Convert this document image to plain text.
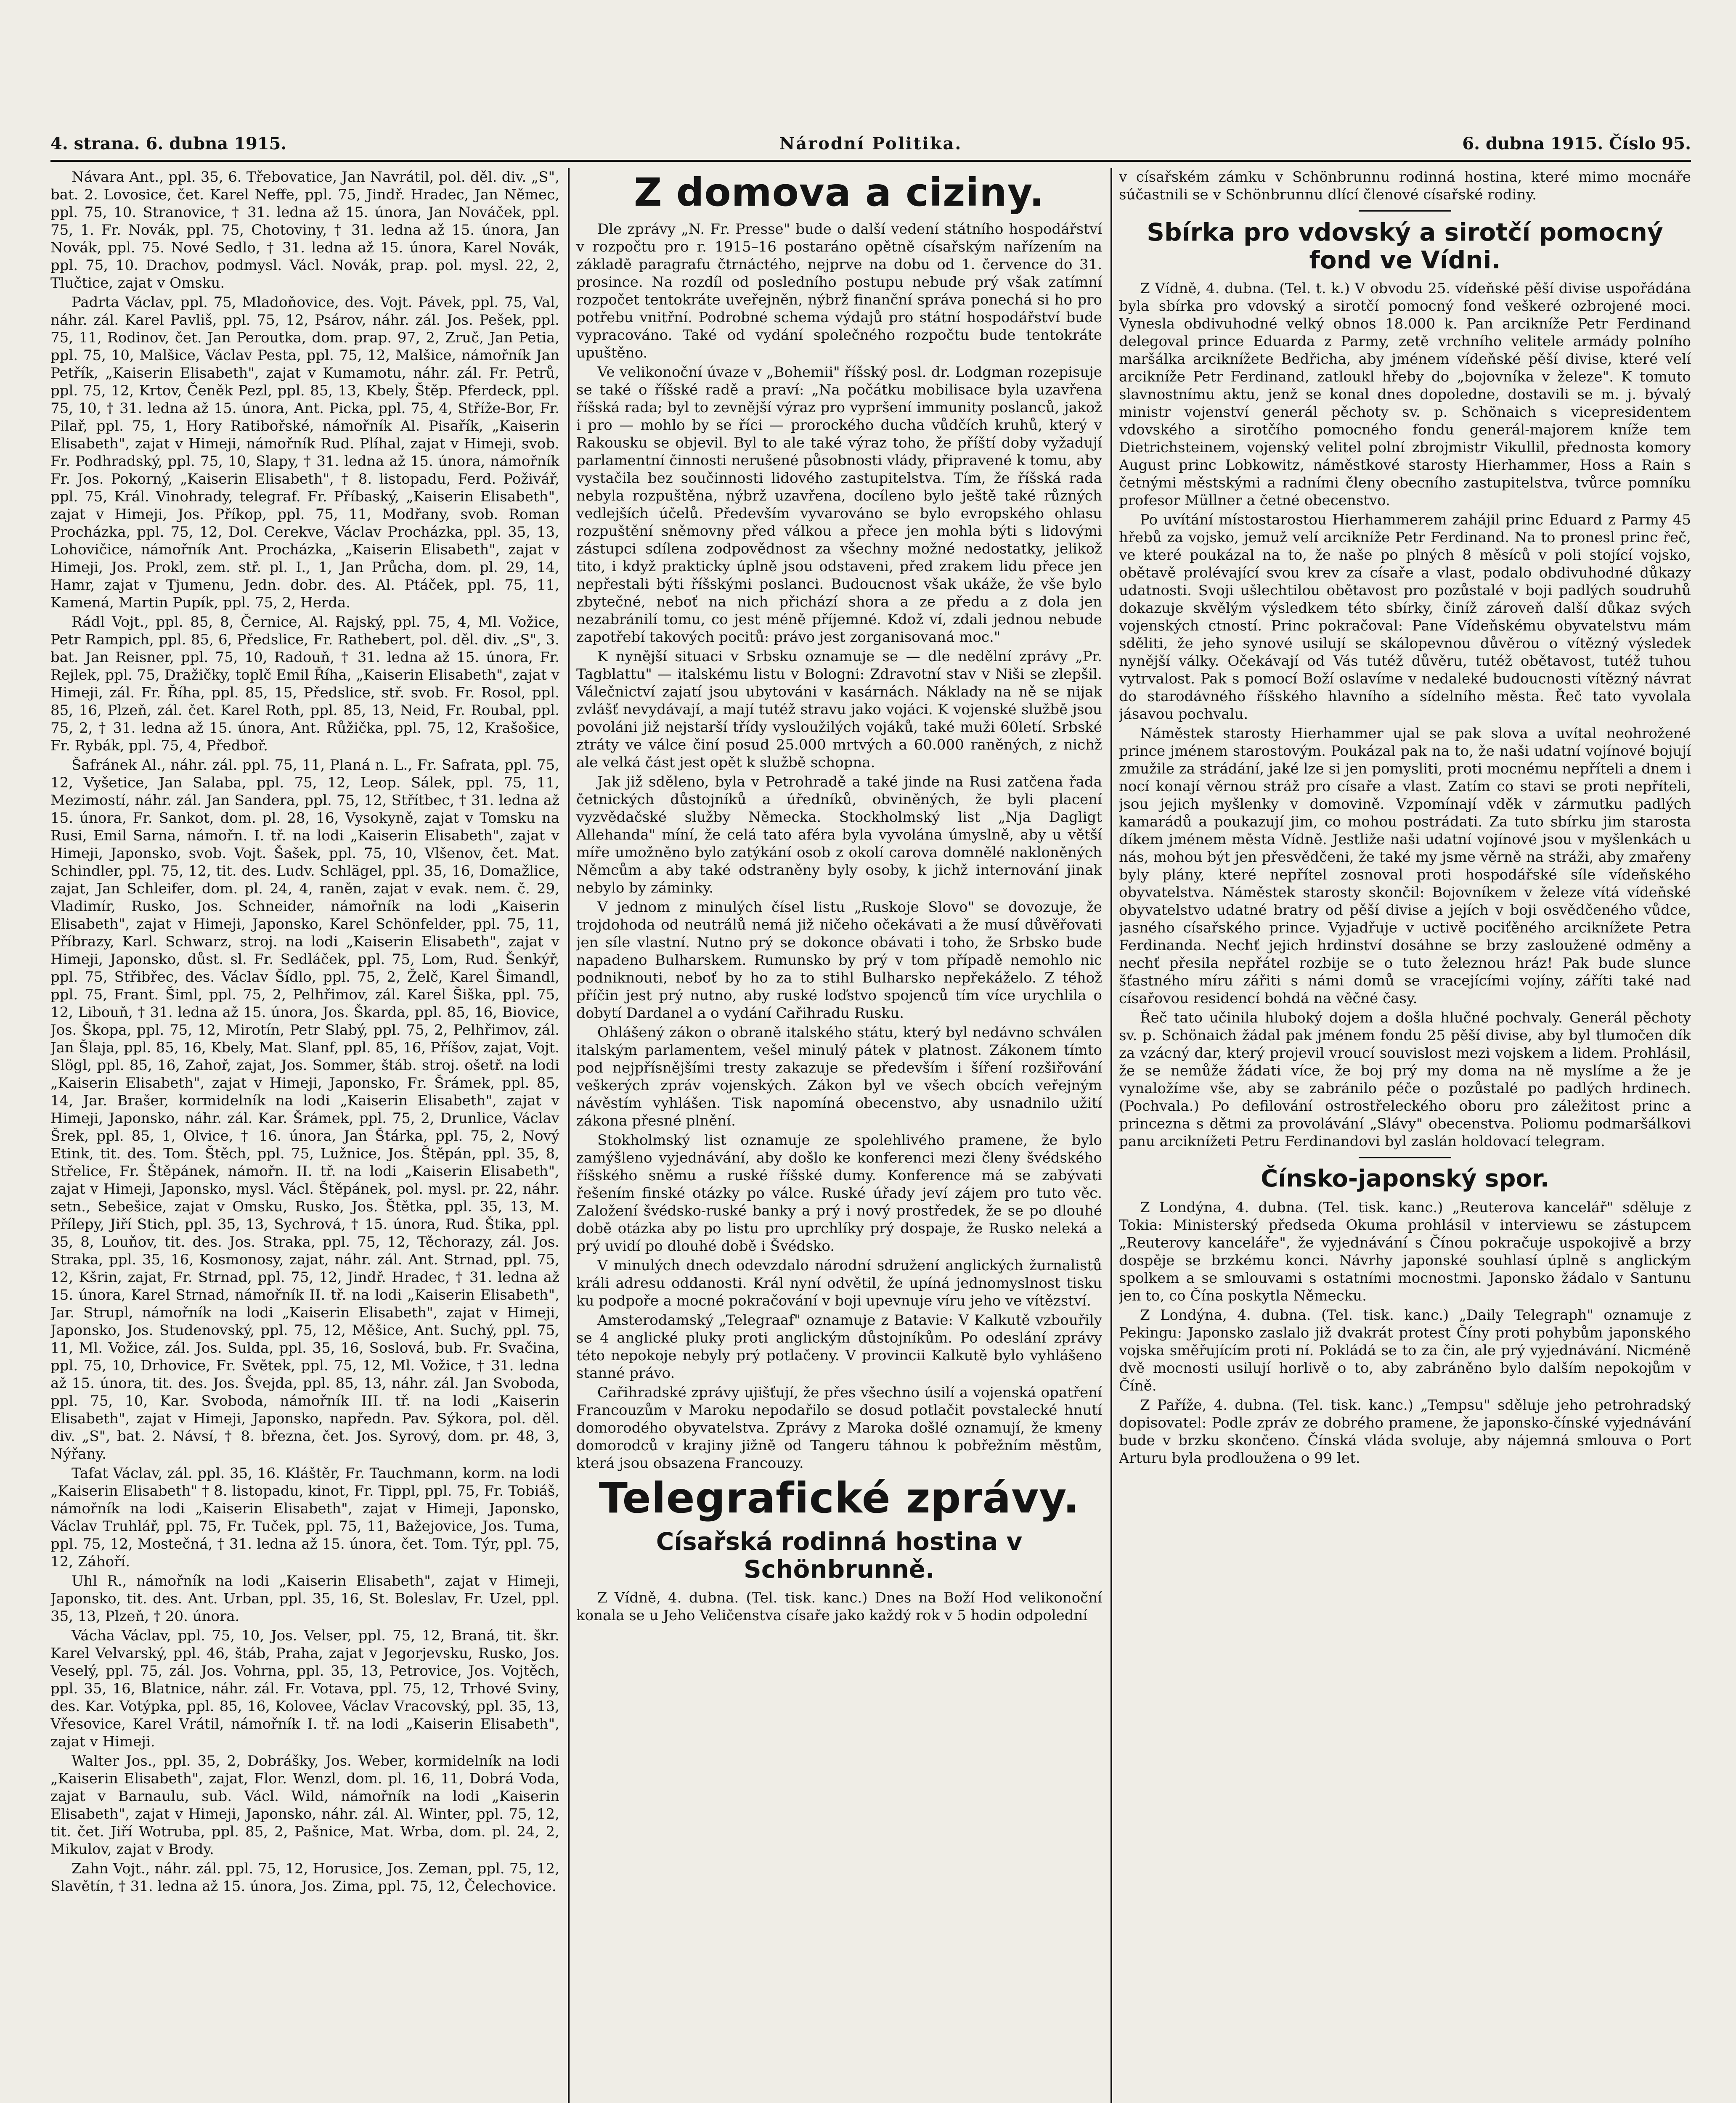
4. strana. 6. dubna 1915.	Národní Politika.	6. dubna 1915. Číslo 95.

Návara Ant., ppl. 35, 6. Třebovatice, Jan Navrátil, pol. děl. div. „S", bat. 2. Lovosice, čet. Karel Neffe, ppl. 75, Jindř. Hradec, Jan Němec, ppl. 75, 10. Stranovice, † 31. ledna až 15. února, Jan Nováček, ppl. 75, 1. Fr. Novák, ppl. 75, Chotoviny, † 31. ledna až 15. února, Jan Novák, ppl. 75. Nové Sedlo, † 31. ledna až 15. února, Karel Novák, ppl. 75, 10. Drachov, podmysl. Václ. Novák, prap. pol. mysl. 22, 2, Tlučtice, zajat v Omsku.

Padrta Václav, ppl. 75, Mladoňovice, des. Vojt. Pávek, ppl. 75, Val, náhr. zál. Karel Pavliš, ppl. 75, 12, Psárov, náhr. zál. Jos. Pešek, ppl. 75, 11, Rodinov, čet. Jan Peroutka, dom. prap. 97, 2, Zruč, Jan Petia, ppl. 75, 10, Malšice, Václav Pesta, ppl. 75, 12, Malšice, námořník Jan Petřík, „Kaiserin Elisabeth", zajat v Kumamotu, náhr. zál. Fr. Petrů, ppl. 75, 12, Krtov, Čeněk Pezl, ppl. 85, 13, Kbely, Štěp. Pferdeck, ppl. 75, 10, † 31. ledna až 15. února, Ant. Picka, ppl. 75, 4, Stříže-Bor, Fr. Pilař, ppl. 75, 1, Hory Ratibořské, námořník Al. Pisařík, „Kaiserin Elisabeth", zajat v Himeji, námořník Rud. Plíhal, zajat v Himeji, svob. Fr. Podhradský, ppl. 75, 10, Slapy, † 31. ledna až 15. února, námořník Fr. Jos. Pokorný, „Kaiserin Elisabeth", † 8. listopadu, Ferd. Poživář, ppl. 75, Král. Vinohrady, telegraf. Fr. Příbaský, „Kaiserin Elisabeth", zajat v Himeji, Jos. Příkop, ppl. 75, 11, Modřany, svob. Roman Procházka, ppl. 75, 12, Dol. Cerekve, Václav Procházka, ppl. 35, 13, Lohovičice, námořník Ant. Procházka, „Kaiserin Elisabeth", zajat v Himeji, Jos. Prokl, zem. stř. pl. I., 1, Jan Průcha, dom. pl. 29, 14, Hamr, zajat v Tjumenu, Jedn. dobr. des. Al. Ptáček, ppl. 75, 11, Kamená, Martin Pupík, ppl. 75, 2, Herda.

Rádl Vojt., ppl. 85, 8, Černice, Al. Rajský, ppl. 75, 4, Ml. Vožice, Petr Rampich, ppl. 85, 6, Předslice, Fr. Rathebert, pol. děl. div. „S", 3. bat. Jan Reisner, ppl. 75, 10, Radouň, † 31. ledna až 15. února, Fr. Rejlek, ppl. 75, Dražičky, toplč Emil Říha, „Kaiserin Elisabeth", zajat v Himeji, zál. Fr. Říha, ppl. 85, 15, Předslice, stř. svob. Fr. Rosol, ppl. 85, 16, Plzeň, zál. čet. Karel Roth, ppl. 85, 13, Neid, Fr. Roubal, ppl. 75, 2, † 31. ledna až 15. února, Ant. Růžička, ppl. 75, 12, Krašošice, Fr. Rybák, ppl. 75, 4, Předboř.

Šafránek Al., náhr. zál. ppl. 75, 11, Planá n. L., Fr. Safrata, ppl. 75, 12, Vyšetice, Jan Salaba, ppl. 75, 12, Leop. Sálek, ppl. 75, 11, Mezimostí, náhr. zál. Jan Sandera, ppl. 75, 12, Střítbec, † 31. ledna až 15. února, Fr. Sankot, dom. pl. 28, 16, Vysokyně, zajat v Tomsku na Rusi, Emil Sarna, námořn. I. tř. na lodi „Kaiserin Elisabeth", zajat v Himeji, Japonsko, svob. Vojt. Šašek, ppl. 75, 10, Vlšenov, čet. Mat. Schindler, ppl. 75, 12, tit. des. Ludv. Schlägel, ppl. 35, 16, Domažlice, zajat, Jan Schleifer, dom. pl. 24, 4, raněn, zajat v evak. nem. č. 29, Vladimír, Rusko, Jos. Schneider, námořník na lodi „Kaiserin Elisabeth", zajat v Himeji, Japonsko, Karel Schönfelder, ppl. 75, 11, Příbrazy, Karl. Schwarz, stroj. na lodi „Kaiserin Elisabeth", zajat v Himeji, Japonsko, důst. sl. Fr. Sedláček, ppl. 75, Lom, Rud. Šenkýř, ppl. 75, Střibřec, des. Václav Šídlo, ppl. 75, 2, Želč, Karel Šimandl, ppl. 75, Frant. Šiml, ppl. 75, 2, Pelhřimov, zál. Karel Šiška, ppl. 75, 12, Libouň, † 31. ledna až 15. února, Jos. Škarda, ppl. 85, 16, Biovice, Jos. Škopa, ppl. 75, 12, Mirotín, Petr Slabý, ppl. 75, 2, Pelhřimov, zál. Jan Šlaja, ppl. 85, 16, Kbely, Mat. Slanf, ppl. 85, 16, Příšov, zajat, Vojt. Slögl, ppl. 85, 16, Zahoř, zajat, Jos. Sommer, štáb. stroj. ošetř. na lodi „Kaiserin Elisabeth", zajat v Himeji, Japonsko, Fr. Šrámek, ppl. 85, 14, Jar. Brašer, kormidelník na lodi „Kaiserin Elisabeth", zajat v Himeji, Japonsko, náhr. zál. Kar. Šrámek, ppl. 75, 2, Drunlice, Václav Šrek, ppl. 85, 1, Olvice, † 16. února, Jan Štárka, ppl. 75, 2, Nový Etink, tit. des. Tom. Štěch, ppl. 75, Lužnice, Jos. Štěpán, ppl. 35, 8, Střelice, Fr. Štěpánek, námořn. II. tř. na lodi „Kaiserin Elisabeth", zajat v Himeji, Japonsko, mysl. Václ. Štěpánek, pol. mysl. pr. 22, náhr. setn., Sebešice, zajat v Omsku, Rusko, Jos. Štětka, ppl. 35, 13, M. Přílepy, Jiří Stich, ppl. 35, 13, Sychrová, † 15. února, Rud. Štika, ppl. 35, 8, Louňov, tit. des. Jos. Straka, ppl. 75, 12, Těchorazy, zál. Jos. Straka, ppl. 35, 16, Kosmonosy, zajat, náhr. zál. Ant. Strnad, ppl. 75, 12, Kšrin, zajat, Fr. Strnad, ppl. 75, 12, Jindř. Hradec, † 31. ledna až 15. února, Karel Strnad, námořník II. tř. na lodi „Kaiserin Elisabeth", Jar. Strupl, námořník na lodi „Kaiserin Elisabeth", zajat v Himeji, Japonsko, Jos. Studenovský, ppl. 75, 12, Měšice, Ant. Suchý, ppl. 75, 11, Ml. Vožice, zál. Jos. Sulda, ppl. 35, 16, Soslová, bub. Fr. Svačina, ppl. 75, 10, Drhovice, Fr. Světek, ppl. 75, 12, Ml. Vožice, † 31. ledna až 15. února, tit. des. Jos. Švejda, ppl. 85, 13, náhr. zál. Jan Svoboda, ppl. 75, 10, Kar. Svoboda, námořník III. tř. na lodi „Kaiserin Elisabeth", zajat v Himeji, Japonsko, napředn. Pav. Sýkora, pol. děl. div. „S", bat. 2. Návsí, † 8. března, čet. Jos. Syrový, dom. pr. 48, 3, Nýřany.

Tafat Václav, zál. ppl. 35, 16. Kláštěr, Fr. Tauchmann, korm. na lodi „Kaiserin Elisabeth" † 8. listopadu, kinot, Fr. Tippl, ppl. 75, Fr. Tobiáš, námořník na lodi „Kaiserin Elisabeth", zajat v Himeji, Japonsko, Václav Truhlář, ppl. 75, Fr. Tuček, ppl. 75, 11, Bažejovice, Jos. Tuma, ppl. 75, 12, Mostečná, † 31. ledna až 15. února, čet. Tom. Týr, ppl. 75, 12, Záhoří.

Uhl R., námořník na lodi „Kaiserin Elisabeth", zajat v Himeji, Japonsko, tit. des. Ant. Urban, ppl. 35, 16, St. Boleslav, Fr. Uzel, ppl. 35, 13, Plzeň, † 20. února.

Vácha Václav, ppl. 75, 10, Jos. Velser, ppl. 75, 12, Braná, tit. škr. Karel Velvarský, ppl. 46, štáb, Praha, zajat v Jegorjevsku, Rusko, Jos. Veselý, ppl. 75, zál. Jos. Vohrna, ppl. 35, 13, Petrovice, Jos. Vojtěch, ppl. 35, 16, Blatnice, náhr. zál. Fr. Votava, ppl. 75, 12, Trhové Sviny, des. Kar. Votýpka, ppl. 85, 16, Kolovee, Václav Vracovský, ppl. 35, 13, Vřesovice, Karel Vrátil, námořník I. tř. na lodi „Kaiserin Elisabeth", zajat v Himeji.

Walter Jos., ppl. 35, 2, Dobrášky, Jos. Weber, kormidelník na lodi „Kaiserin Elisabeth", zajat, Flor. Wenzl, dom. pl. 16, 11, Dobrá Voda, zajat v Barnaulu, sub. Václ. Wild, námořník na lodi „Kaiserin Elisabeth", zajat v Himeji, Japonsko, náhr. zál. Al. Winter, ppl. 75, 12, tit. čet. Jiří Wotruba, ppl. 85, 2, Pašnice, Mat. Wrba, dom. pl. 24, 2, Mikulov, zajat v Brody.

Zahn Vojt., náhr. zál. ppl. 75, 12, Horusice, Jos. Zeman, ppl. 75, 12, Slavětín, † 31. ledna až 15. února, Jos. Zima, ppl. 75, 12, Čelechovice.

Z domova a ciziny.

Dle zprávy „N. Fr. Presse" bude o další vedení státního hospodářství v rozpočtu pro r. 1915–16 postaráno opětně císařským nařízením na základě paragrafu čtrnáctého, nejprve na dobu od 1. července do 31. prosince. Na rozdíl od posledního postupu nebude prý však zatímní rozpočet tentokráte uveřejněn, nýbrž finanční správa ponechá si ho pro potřebu vnitřní. Podrobné schema výdajů pro státní hospodářství bude vypracováno. Také od vydání společného rozpočtu bude tentokráte upuštěno.

Ve velikonoční úvaze v „Bohemii" říšský posl. dr. Lodgman rozepisuje se také o říšské radě a praví: „Na počátku mobilisace byla uzavřena říšská rada; byl to zevnější výraz pro vypršení immunity poslanců, jakož i pro — mohlo by se říci — prorockého ducha vůdčích kruhů, který v Rakousku se objevil. Byl to ale také výraz toho, že příští doby vyžadují parlamentní činnosti nerušené působnosti vlády, připravené k tomu, aby vystačila bez součinnosti lidového zastupitelstva. Tím, že říšská rada nebyla rozpuštěna, nýbrž uzavřena, docíleno bylo ještě také různých vedlejších účelů. Především vyvarováno se bylo evropského ohlasu rozpuštění sněmovny před válkou a přece jen mohla býti s lidovými zástupci sdílena zodpovědnost za všechny možné nedostatky, jelikož tito, i když prakticky úplně jsou odstaveni, před zrakem lidu přece jen nepřestali býti říšskými poslanci. Budoucnost však ukáže, že vše bylo zbytečné, neboť na nich přichází shora a ze předu a z dola jen nezabránilí tomu, co jest méně příjemné. Kdož ví, zdali jednou nebude zapotřebí takových pocitů: právo jest zorganisovaná moc."

K nynější situaci v Srbsku oznamuje se — dle nedělní zprávy „Pr. Tagblattu" — italskému listu v Bologni: Zdravotní stav v Niši se zlepšil. Válečnictví zajatí jsou ubytováni v kasárnách. Náklady na ně se nijak zvlášť nevydávají, a mají tutéž stravu jako vojáci. K vojenské službě jsou povoláni již nejstarší třídy vysloužilých vojáků, také muži 60letí. Srbské ztráty ve válce činí posud 25.000 mrtvých a 60.000 raněných, z nichž ale velká část jest opět k službě schopna.

Jak již sděleno, byla v Petrohradě a také jinde na Rusi zatčena řada četnických důstojníků a úředníků, obviněných, že byli placení vyzvědačské služby Německa. Stockholmský list „Nja Dagligt Allehanda" míní, že celá tato aféra byla vyvolána úmyslně, aby u větší míře umožněno bylo zatýkání osob z okolí carova domnělé nakloněných Němcům a aby také odstraněny byly osoby, k jichž internování jinak nebylo by záminky.

V jednom z minulých čísel listu „Ruskoje Slovo" se dovozuje, že trojdohoda od neutrálů nemá již ničeho očekávati a že musí důvěřovati jen síle vlastní. Nutno prý se dokonce obávati i toho, že Srbsko bude napadeno Bulharskem. Rumunsko by prý v tom případě nemohlo nic podniknouti, neboť by ho za to stihl Bulharsko nepřekáželo. Z téhož příčin jest prý nutno, aby ruské loďstvo spojenců tím více urychlila o dobytí Dardanel a o vydání Cařihradu Rusku.

Ohlášený zákon o obraně italského státu, který byl nedávno schválen italským parlamentem, vešel minulý pátek v platnost. Zákonem tímto pod nejpřísnějšími tresty zakazuje se především i šíření rozšiřování veškerých zpráv vojenských. Zákon byl ve všech obcích veřejným návěstím vyhlášen. Tisk napomíná obecenstvo, aby usnadnilo užití zákona přesné plnění.

Stokholmský list oznamuje ze spolehlivého pramene, že bylo zamýšleno vyjednávání, aby došlo ke konferenci mezi členy švédského říšského sněmu a ruské říšské dumy. Konference má se zabývati řešením finské otázky po válce. Ruské úřady jeví zájem pro tuto věc. Založení švédsko-ruské banky a prý i nový prostředek, že se po dlouhé době otázka aby po listu pro uprchlíky prý dospaje, že Rusko neleká a prý uvidí po dlouhé době i Švédsko.

V minulých dnech odevzdalo národní sdružení anglických žurnalistů králi adresu oddanosti. Král nyní odvětil, že upíná jednomyslnost tisku ku podpoře a mocné pokračování v boji upevnuje víru jeho ve vítězství.

Amsterodamský „Telegraaf" oznamuje z Batavie: V Kalkutě vzbouřily se 4 anglické pluky proti anglickým důstojníkům. Po odeslání zprávy této nepokoje nebyly prý potlačeny. V provincii Kalkutě bylo vyhlášeno stanné právo.

Cařihradské zprávy ujišťují, že přes všechno úsilí a vojenská opatření Francouzům v Maroku nepodařilo se dosud potlačit povstalecké hnutí domorodého obyvatelstva. Zprávy z Maroka došlé oznamují, že kmeny domorodců v krajiny jižně od Tangeru táhnou k pobřežním městům, která jsou obsazena Francouzy.

Telegrafické zprávy.
Císařská rodinná hostina v Schönbrunně.

Z Vídně, 4. dubna. (Tel. tisk. kanc.) Dnes na Boží Hod velikonoční konala se u Jeho Veličenstva císaře jako každý rok v 5 hodin odpolední

v císařském zámku v Schönbrunnu rodinná hostina, které mimo mocnáře súčastnili se v Schönbrunnu dlící členové císařské rodiny.

Sbírka pro vdovský a sirotčí pomocný fond ve Vídni.

Z Vídně, 4. dubna. (Tel. t. k.) V obvodu 25. vídeňské pěší divise uspořádána byla sbírka pro vdovský a sirotčí pomocný fond veškeré ozbrojené moci. Vynesla obdivuhodné velký obnos 18.000 k. Pan arcikníže Petr Ferdinand delegoval prince Eduarda z Parmy, zetě vrchního velitele armády polního maršálka arciknížete Bedřicha, aby jménem vídeňské pěší divise, které velí arcikníže Petr Ferdinand, zatloukl hřeby do „bojovníka v železe". K tomuto slavnostnímu aktu, jenž se konal dnes dopoledne, dostavili se m. j. bývalý ministr vojenství generál pěchoty sv. p. Schönaich s vicepresidentem vdovského a sirotčího pomocného fondu generál-majorem kníže tem Dietrichsteinem, vojenský velitel polní zbrojmistr Vikullil, přednosta komory August princ Lobkowitz, náměstkové starosty Hierhammer, Hoss a Rain s četnými městskými a radními členy obecního zastupitelstva, tvůrce pomníku profesor Müllner a četné obecenstvo.

Po uvítání místostarostou Hierhammerem zahájil princ Eduard z Parmy 45 hřebů za vojsko, jemuž velí arcikníže Petr Ferdinand. Na to pronesl princ řeč, ve které poukázal na to, že naše po plných 8 měsíců v poli stojící vojsko, obětavě prolévající svou krev za císaře a vlast, podalo obdivuhodné důkazy udatnosti. Svoji ušlechtilou obětavost pro pozůstalé v boji padlých soudruhů dokazuje skvělým výsledkem této sbírky, činíž zároveň další důkaz svých vojenských ctností. Princ pokračoval: Pane Vídeňskému obyvatelstvu mám sděliti, že jeho synové usilují se skálopevnou důvěrou o vítězný výsledek nynější války. Očekávají od Vás tutéž důvěru, tutéž obětavost, tutéž tuhou vytrvalost. Pak s pomocí Boží oslavíme v nedaleké budoucnosti vítězný návrat do starodávného říšského hlavního a sídelního města. Řeč tato vyvolala jásavou pochvalu.

Náměstek starosty Hierhammer ujal se pak slova a uvítal neohrožené prince jménem starostovým. Poukázal pak na to, že naši udatní vojínové bojují zmužile za strádání, jaké lze si jen pomysliti, proti mocnému nepříteli a dnem i nocí konají věrnou stráž pro císaře a vlast. Zatím co stavi se proti nepříteli, jsou jejich myšlenky v domovině. Vzpomínají vděk v zármutku padlých kamarádů a poukazují jim, co mohou postrádati. Za tuto sbírku jim starosta díkem jménem města Vídně. Jestliže naši udatní vojínové jsou v myšlenkách u nás, mohou být jen přesvědčeni, že také my jsme věrně na stráži, aby zmařeny byly plány, které nepřítel zosnoval proti hospodářské síle vídeňského obyvatelstva. Náměstek starosty skončil: Bojovníkem v železe vítá vídeňské obyvatelstvo udatné bratry od pěší divise a jejích v boji osvědčeného vůdce, jasného císařského prince. Vyjadřuje v uctivě pociťěného arciknížete Petra Ferdinanda. Nechť jejich hrdinství dosáhne se brzy zasloužené odměny a nechť přesila nepřátel rozbije se o tuto železnou hráz! Pak bude slunce šťastného míru zářiti s námi domů se vracejícími vojíny, záříti také nad císařovou residencí bohdá na věčné časy.

Řeč tato učinila hluboký dojem a došla hlučné pochvaly. Generál pěchoty sv. p. Schönaich žádal pak jménem fondu 25 pěší divise, aby byl tlumočen dík za vzácný dar, který projevil vroucí souvislost mezi vojskem a lidem. Prohlásil, že se nemůže žádati více, že boj prý my doma na ně myslíme a že je vynaložíme vše, aby se zabránilo péče o pozůstalé po padlých hrdinech. (Pochvala.) Po defilování ostrostřeleckého oboru pro záležitost princ a princezna s dětmi za provolávání „Slávy" obecenstva. Poliomu podmaršálkovi panu arciknížeti Petru Ferdinandovi byl zaslán holdovací telegram.

Čínsko-japonský spor.

Z Londýna, 4. dubna. (Tel. tisk. kanc.) „Reuterova kancelář" sděluje z Tokia: Ministerský předseda Okuma prohlásil v interviewu se zástupcem „Reuterovy kanceláře", že vyjednávání s Čínou pokračuje uspokojivě a brzy dospěje se brzkému konci. Návrhy japonské souhlasí úplně s anglickým spolkem a se smlouvami s ostatními mocnostmi. Japonsko žádalo v Santunu jen to, co Čína poskytla Německu.

Z Londýna, 4. dubna. (Tel. tisk. kanc.) „Daily Telegraph" oznamuje z Pekingu: Japonsko zaslalo již dvakrát protest Číny proti pohybům japonského vojska směřujícím proti ní. Pokládá se to za čin, ale prý vyjednávání. Nicméně dvě mocnosti usilují horlivě o to, aby zabráněno bylo dalším nepokojům v Číně.

Z Paříže, 4. dubna. (Tel. tisk. kanc.) „Tempsu" sděluje jeho petrohradský dopisovatel: Podle zpráv ze dobrého pramene, že japonsko-čínské vyjednávání bude v brzku skončeno. Čínská vláda svoluje, aby nájemná smlouva o Port Arturu byla prodloužena o 99 let.
